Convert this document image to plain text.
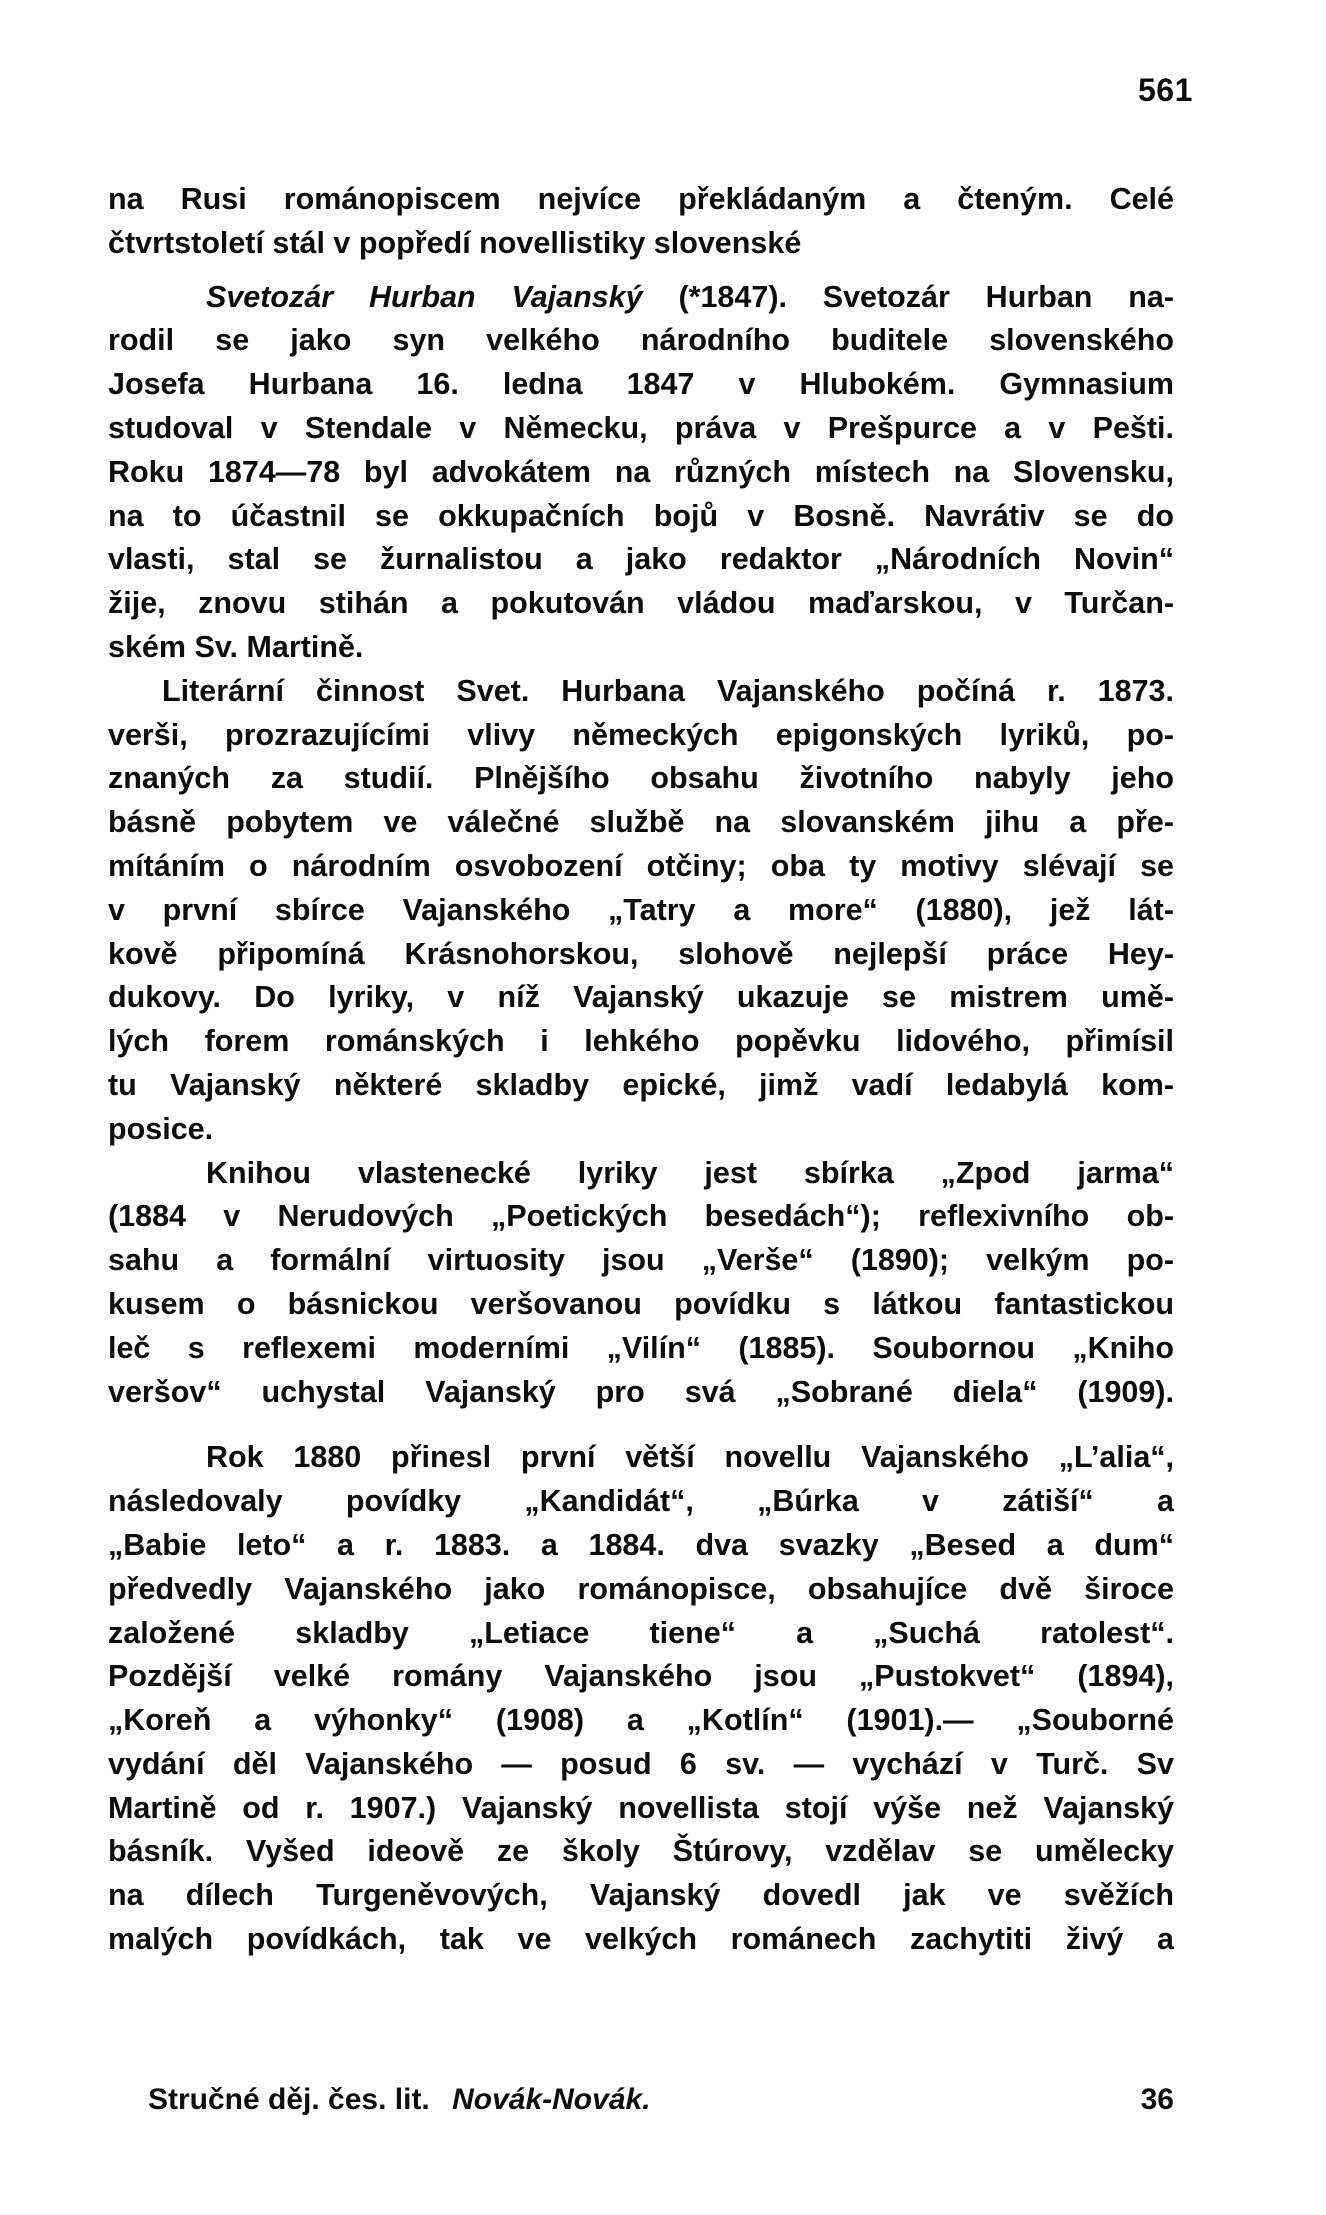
561
na Rusi románopiscem nejvíce překládaným a čteným. Celé
čtvrtstoletí stál v popředí novellistiky slovenské
Svetozár Hurban Vajanský (*1847). Svetozár Hurban na-
rodil se jako syn velkého národního buditele slovenského
Josefa Hurbana 16. ledna 1847 v Hlubokém. Gymnasium
studoval v Stendale v Německu, práva v Prešpurce a v Pešti.
Roku 1874—78 byl advokátem na různých místech na Slovensku,
na to účastnil se okkupačních bojů v Bosně. Navrátiv se do
vlasti, stal se žurnalistou a jako redaktor „Národních Novin“
žije, znovu stihán a pokutován vládou maďarskou, v Turčan-
ském Sv. Martině.
Literární činnost Svet. Hurbana Vajanského počíná r. 1873.
verši, prozrazujícími vlivy německých epigonských lyriků, po-
znaných za studií. Plnějšího obsahu životního nabyly jeho
básně pobytem ve válečné službě na slovanském jihu a pře-
mítáním o národním osvobození otčiny; oba ty motivy slévají se
v první sbírce Vajanského „Tatry a more“ (1880), jež lát-
kově připomíná Krásnohorskou, slohově nejlepší práce Hey-
dukovy. Do lyriky, v níž Vajanský ukazuje se mistrem umě-
lých forem románských i lehkého popěvku lidového, přimísil
tu Vajanský některé skladby epické, jimž vadí ledabylá kom-
posice.
Knihou vlastenecké lyriky jest sbírka „Zpod jarma“
(1884 v Nerudových „Poetických besedách“); reflexivního ob-
sahu a formální virtuosity jsou „Verše“ (1890); velkým po-
kusem o básnickou veršovanou povídku s látkou fantastickou
leč s reflexemi moderními „Vilín“ (1885). Soubornou „Kniho
veršov“ uchystal Vajanský pro svá „Sobrané diela“ (1909).
Rok 1880 přinesl první větší novellu Vajanského „L’alia“,
následovaly povídky „Kandidát“, „Búrka v zátiší“ a
„Babie leto“ a r. 1883. a 1884. dva svazky „Besed a dum“
předvedly Vajanského jako románopisce, obsahujíce dvě široce
založené skladby „Letiace tiene“ a „Suchá ratolest“.
Pozdější velké romány Vajanského jsou „Pustokvet“ (1894),
„Koreň a výhonky“ (1908) a „Kotlín“ (1901).— „Souborné
vydání děl Vajanského — posud 6 sv. — vychází v Turč. Sv
Martině od r. 1907.) Vajanský novellista stojí výše než Vajanský
básník. Vyšed ideově ze školy Štúrovy, vzdělav se umělecky
na dílech Turgeněvových, Vajanský dovedl jak ve svěžích
malých povídkách, tak ve velkých románech zachytiti živý a
Stručné děj. čes. lit. Novák-Novák.	36
